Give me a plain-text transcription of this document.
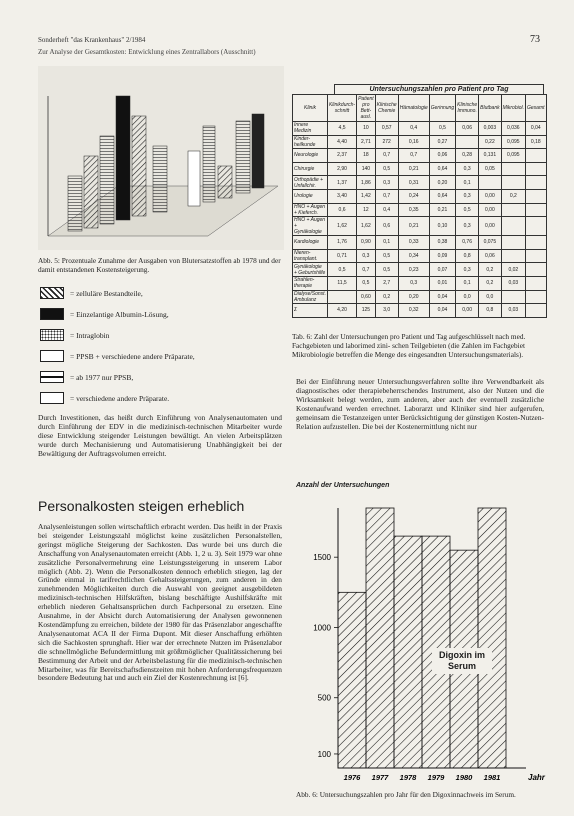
Sonderheft "das Krankenhaus" 2/1984	73
Zur Analyse der Gesamtkosten: Entwicklung eines Zentrallabors (Ausschnitt)
Abb. 5: Prozentuale Zunahme der Ausgaben von Blutersatzstoffen ab 1978 und der damit entstandenen Kostensteigerung.
= zelluläre Bestandteile,
= Einzelantige Albumin-Lösung,
= Intraglobin
= PPSB + verschiedene andere Präparate,
= ab 1977 nur PPSB,
= verschiedene andere Präparate.
Durch Investitionen, das heißt durch Einführung von Analysenautomaten und durch Einführung der EDV in die medizinisch-technischen Mitarbeiter wurde diese Entwicklung steigender Leistungen bewältigt. An vielen Arbeitsplätzen wurde durch Mechanisierung und Automatisierung Unabhängigkeit bei der Bewältigung der Auftragsvolumen erreicht.
Personalkosten steigen erheblich
Analysenleistungen sollen wirtschaftlich erbracht werden. Das heißt in der Praxis bei steigender Leistungszahl möglichst keine zusätzlichen Personalstellen, geringst mögliche Steigerung der Sachkosten. Das wurde bei uns durch die Anschaffung von Analysenautomaten erreicht (Abb. 1, 2 u. 3). Seit 1979 war ohne zusätzliche Personalvermehrung eine Leistungssteigerung in unserem Labor möglich (Abb. 2). Wenn die Personalkosten dennoch erheblich stiegen, lag der Gründe einmal in tarifrechtlichen Gehaltssteigerungen, zum anderen in den zunehmenden Möglichkeiten durch die Auswahl von geeignet ausgebildeten medizinisch-technischen Hilfskräften, bislang beschäftigte Aushilfskräfte mit erheblich niederen Gehaltsansprüchen durch Fachpersonal zu ersetzen. Eine Ausnahme, in der Absicht durch Automatisierung der Analysen gewonnenen Kostendämpfung zu erreichen, bildete der 1980 für das Präsenzlabor angeschaffte Analysenautomat ACA II der Firma Dupont. Mit dieser Anschaffung erhöhten sich die Sachkosten sprunghaft. Hier war der errechnete Nutzen im Präsenzlabor die schnellmögliche Befundermittlung mit größtmöglicher Qualitätssicherung bei Bestimmung der Arbeit und der Arbeitsbelastung für die medizinisch-technischen Mitarbeiter, was für Bereitschaftsdienstzeiten mit hohen Anforderungsfrequenzen besondere Bedeutung hat und auch ein Ziel der Kostenrechnung ist [6].
Untersuchungszahlen pro Patient pro Tag
Klinik	Klinikdurch-schnitt	Patient pro Bett-ausl.	Klinische Chemie	Hämatologie	Gerinnung	Klinische Immuno.	Blutbank	Mikrobiol.	Gesamt
Innere Medizin	4,5	10	0,57	0,4	0,5	0,06	0,003	0,036	0,04
Kinder-heilkunde	4,40	2,71	272	0,16	0,27		0,22	0,095	0,18
Neurologie	2,37	18	0,7	0,7	0,06	0,28	0,131	0,095	
Chirurgie	2,90	140	0,5	0,21	0,64	0,3	0,05		
Orthopädie + Unfallchir.	1,37	1,86	0,3	0,31	0,20	0,1			
Urologie	3,40	1,42	0,7	0,24	0,64	0,3	0,00	0,2	
HNO + Augen + Kieferch.	0,6	12	0,4	0,35	0,21	0,5	0,00		
HNO + Augen + Gynäkologie	1,62	1,62	0,6	0,21	0,10	0,3	0,00		
Kardiologie	1,76	0,90	0,1	0,33	0,38	0,76	0,075		
Nieren-transplant.	0,71	0,3	0,5	0,34	0,09	0,8	0,06		
Gynäkologie + Geburtshilfe	0,5	0,7	0,5	0,23	0,07	0,3	0,2	0,02	
Strahlen-therapie	11,5	0,5	2,7	0,3	0,01	0,1	0,2	0,03	
Dialyse/Sonst. Ambulanz		0,60	0,2	0,20	0,04	0,0	0,0		
Σ	4,20	125	3,0	0,32	0,04	0,00	0,8	0,03	
Tab. 6: Zahl der Untersuchungen pro Patient und Tag aufgeschlüsselt nach med. Fachgebieten und laborimed zini- schen Teilgebieten (die Zahlen im Fachgebiet Mikrobiologie betreffen die Menge des eingesandten Untersuchungsmaterials).
Bei der Einführung neuer Untersuchungsverfahren sollte ihre Verwendbarkeit als diagnostisches oder therapiebeherrschendes Instrument, also der Nutzen und die Wirksamkeit belegt werden, zum anderen, aber auch der eventuell zusätzliche Kostenaufwand werden errechnet. Laborarzt und Kliniker sind hier aufgerufen, gemeinsam die Testanzeigen unter Berücksichtigung der günstigen Kosten-Nutzen-Relation aufzustellen. Die bei der Kostenermittlung nicht nur
Anzahl der Untersuchungen
100
500
1000
1500
1976 1977 1978 1979 1980 1981	Jahr
Digoxin im Serum
Abb. 6: Untersuchungszahlen pro Jahr für den Digoxinnachweis im Serum.
